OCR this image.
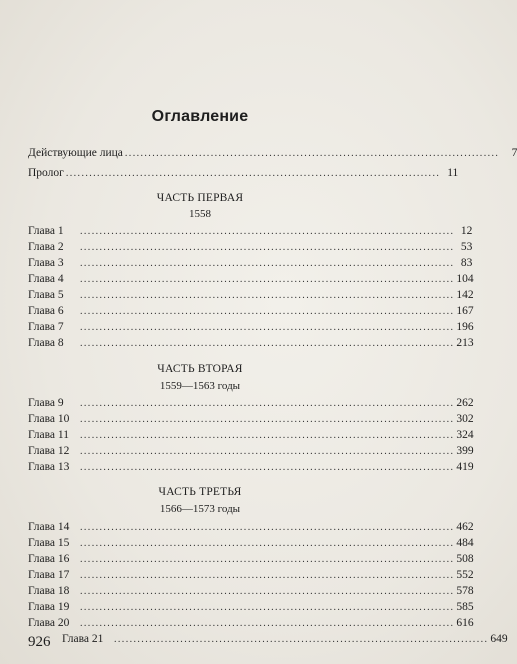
Оглавление
Действующие лица ................................................................................................	7
Пролог ................................................................................................ 11
ЧАСТЬ ПЕРВАЯ
1558
Глава 1	................................................................................................ 12
Глава 2	................................................................................................ 53
Глава 3	................................................................................................ 83
Глава 4	................................................................................................ 104
Глава 5	................................................................................................ 142
Глава 6	................................................................................................ 167
Глава 7	................................................................................................ 196
Глава 8	................................................................................................ 213
ЧАСТЬ ВТОРАЯ
1559—1563 годы
Глава 9	................................................................................................ 262
Глава 10	................................................................................................ 302
Глава 11	................................................................................................ 324
Глава 12	................................................................................................ 399
Глава 13	................................................................................................ 419
ЧАСТЬ ТРЕТЬЯ
1566—1573 годы
Глава 14	................................................................................................ 462
Глава 15	................................................................................................ 484
Глава 16	................................................................................................ 508
Глава 17	................................................................................................ 552
Глава 18	................................................................................................ 578
Глава 19	................................................................................................ 585
Глава 20	................................................................................................ 616
Глава 21	................................................................................................ 649
926
